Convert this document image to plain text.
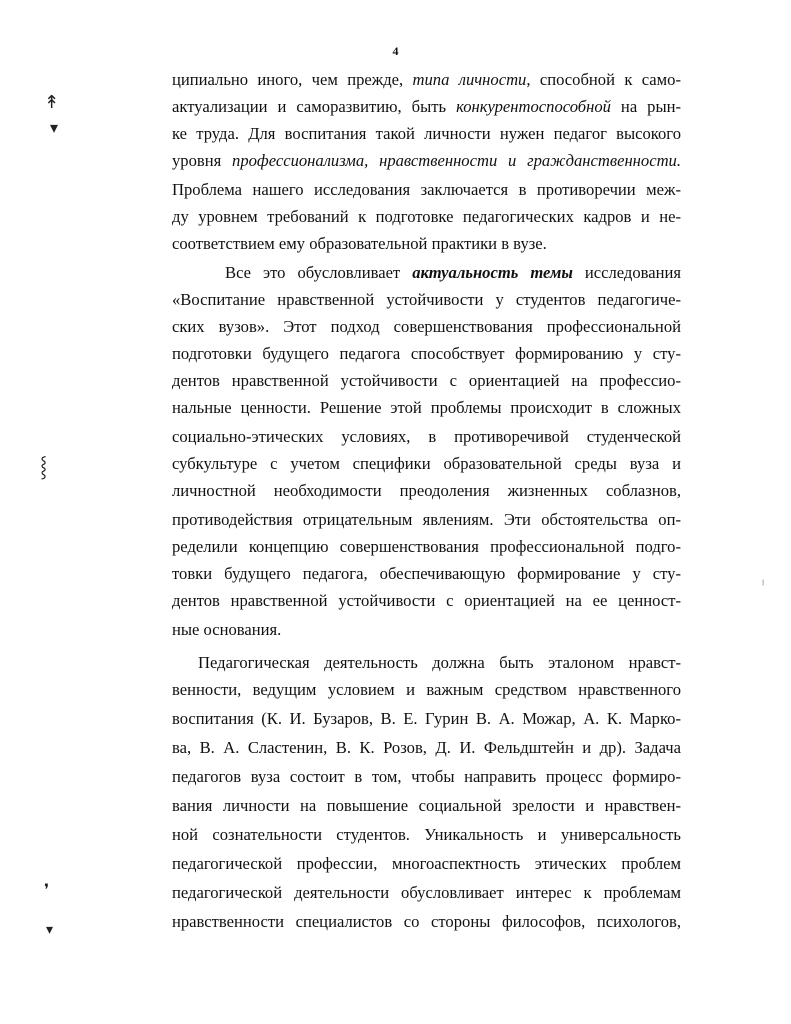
4
↟
▾
⸾
❜
▾
╷
ципиально иного, чем прежде, типа личности, способной к само-
актуализации и саморазвитию, быть конкурентоспособной на рын-
ке труда. Для воспитания такой личности нужен педагог высокого
уровня профессионализма, нравственности и гражданственности.
Проблема нашего исследования заключается в противоречии меж-
ду уровнем требований к подготовке педагогических кадров и не-
соответствием ему образовательной практики в вузе.
Все это обусловливает актуальность темы исследования
«Воспитание нравственной устойчивости у студентов педагогиче-
ских вузов». Этот подход совершенствования профессиональной
подготовки будущего педагога способствует формированию у сту-
дентов нравственной устойчивости с ориентацией на профессио-
нальные ценности. Решение этой проблемы происходит в сложных
социально-этических условиях, в противоречивой студенческой
субкультуре с учетом специфики образовательной среды вуза и
личностной необходимости преодоления жизненных соблазнов,
противодействия отрицательным явлениям. Эти обстоятельства оп-
ределили концепцию совершенствования профессиональной подго-
товки будущего педагога, обеспечивающую формирование у сту-
дентов нравственной устойчивости с ориентацией на ее ценност-
ные основания.
Педагогическая деятельность должна быть эталоном нравст-
венности, ведущим условием и важным средством нравственного
воспитания (К. И. Бузаров, В. Е. Гурин В. А. Можар, А. К. Марко-
ва, В. А. Сластенин, В. К. Розов, Д. И. Фельдштейн и др). Задача
педагогов вуза состоит в том, чтобы направить процесс формиро-
вания личности на повышение социальной зрелости и нравствен-
ной сознательности студентов. Уникальность и универсальность
педагогической профессии, многоаспектность этических проблем
педагогической деятельности обусловливает интерес к проблемам
нравственности специалистов со стороны философов, психологов,
